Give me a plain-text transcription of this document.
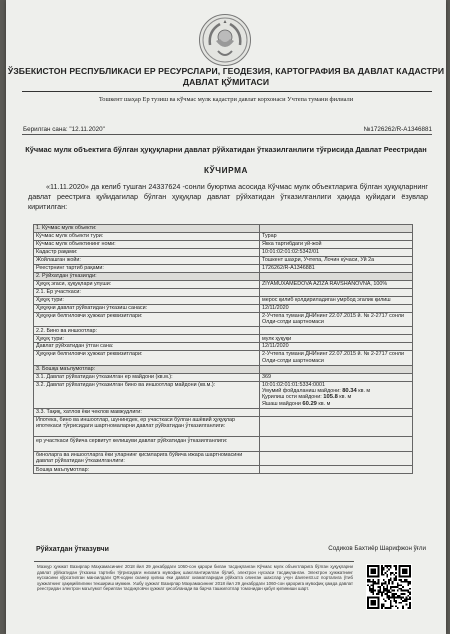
ЎЗБЕКИСТОН РЕСПУБЛИКАСИ ЕР РЕСУРСЛАРИ, ГЕОДЕЗИЯ, КАРТОГРАФИЯ ВА ДАВЛАТ КАДАСТРИ ДАВЛАТ ҚЎМИТАСИ
Тошкент шаҳар Ер тузиш ва кўчмас мулк кадастри давлат корхонаси Учтепа тумани филиали
Берилган сана: "12.11.2020"	№1726262/R-A1346881
Кўчмас мулк объектига бўлган ҳуқуқларни давлат рўйхатидан ўтказилганлиги тўғрисида Давлат Реестридан
КЎЧИРМА
«11.11.2020» да келиб тушган 24337624 -сонли буюртма асосида Кўчмас мулк объектларига бўлган ҳуқуқларнинг давлат реестрига қуйидагилар бўлган ҳуқуқлар давлат рўйхатидан ўтказилганлиги ҳақида қуйидаги ёзувлар киритилган:
1. Кўчмас мулк объекти:	
Кўчмас мулк объекти тури:	Турар
Кўчмас мулк объектининг номи:	Якка тартибдаги уй-жой
Кадастр рақами:	10:01:02:01:02:5342/01
Жойлашган жойи:	Тошкент шаҳри, Учтепа, Лочин кўчаси, Уй 2а
Реестрнинг тартиб рақами:	1726262/R-A1346881
2. Рўйхатдан ўтказилди:	
Ҳуқуқ эгаси, ҳуқуқлари улуши:	ZIYAMUXAMEDOVA AZIZA RAVSHANOVNA, 100%
2.1. Ер участкаси:	
Ҳуқуқ тури:	мерос қилиб қолдириладиган умрбод эгалик қилиш
Ҳуқуқни давлат рўйхатидан ўтказиш санаси:	12/11/2020
Ҳуқуқни белгиловчи ҳужжат реквизитлари:	2-Учтепа тумани ДНИнинг 22.07.2015 й. № 2-2717 сонли Олди-сотди шартномаси
2.2. Бино ва иншоотлар:	
Ҳуқуқ тури:	мулк ҳуқуқи
Давлат рўйхатидан ўтган сана:	12/11/2020
Ҳуқуқни белгиловчи ҳужжат реквизитлари:	2-Учтепа тумани ДНИнинг 22.07.2015 й. № 2-2717 сонли Олди-сотди шартномаси
3. Бошқа маълумотлар:	
3.1. Давлат рўйхатидан ўтказилган ер майдони (кв.м.):	369
3.2. Давлат рўйхатидан ўтказилган бино ва иншоотлар майдони (кв.м.):	10:01:02:01:01:5334:0001
Умумий фойдаланиш майдони: 80.34 кв. м
Қурилиш ости майдони: 105.8 кв. м
Яшаш майдони 60.29 кв. м

3.3. Тақиқ, хатлов ёки чеклов мавжудлиги:	
Ипотека, бино ва иншоотлар, шунингдек, ер участкаси бўлган ашёвий ҳуқуқлар ипотекаси тўғрисидаги шартномаларни давлат рўйхатидан ўтказилганлиги:	
ер участкаси бўйича сервитут келишуви давлат рўйхатидан ўтказилганлиги:	
биноларга ва иншоотларга ёки уларнинг қисмларига бўйича ижара шартномасини давлат рўйхатидан ўтказилганлиги:	
Бошқа маълумотлар:	
Рўйхатдан ўтказувчи	Содиков Бахтиёр Шарифжон ўғли
Мазкур ҳужжат Вазирлар Маҳкамасининг 2018 йил 29 декабрдаги 1060-сон қарори билан тасдиқланган Кўчмас мулк объектларига бўлган ҳуқуқларни давлат рўйхатидан ўтказиш тартиби тўғрисидаги низомга мувофиқ шакллантирилган бўлиб, электрон нусхаси тасдиқланган. Электрон ҳужжатнинг нусхасини кўрсатилган манзилдаги QR-кодни сканер қилиш ёки давлат хизматларидан рўйхатга олинган шахслар учун davreestr.uz порталига ўтиб ҳужжатнинг ҳақиқийлигини текшириш мумкин. Ушбу ҳужжат Вазирлар Маҳкамасининг 2018 йил 29 декабрдаги 1060-сон қарорига мувофиқ ҳамда давлат реестридан электрон маълумот берилган тасдиқловчи ҳужжат ҳисобланади ва барча ташкилотлар томонидан қабул қилиниши шарт.
